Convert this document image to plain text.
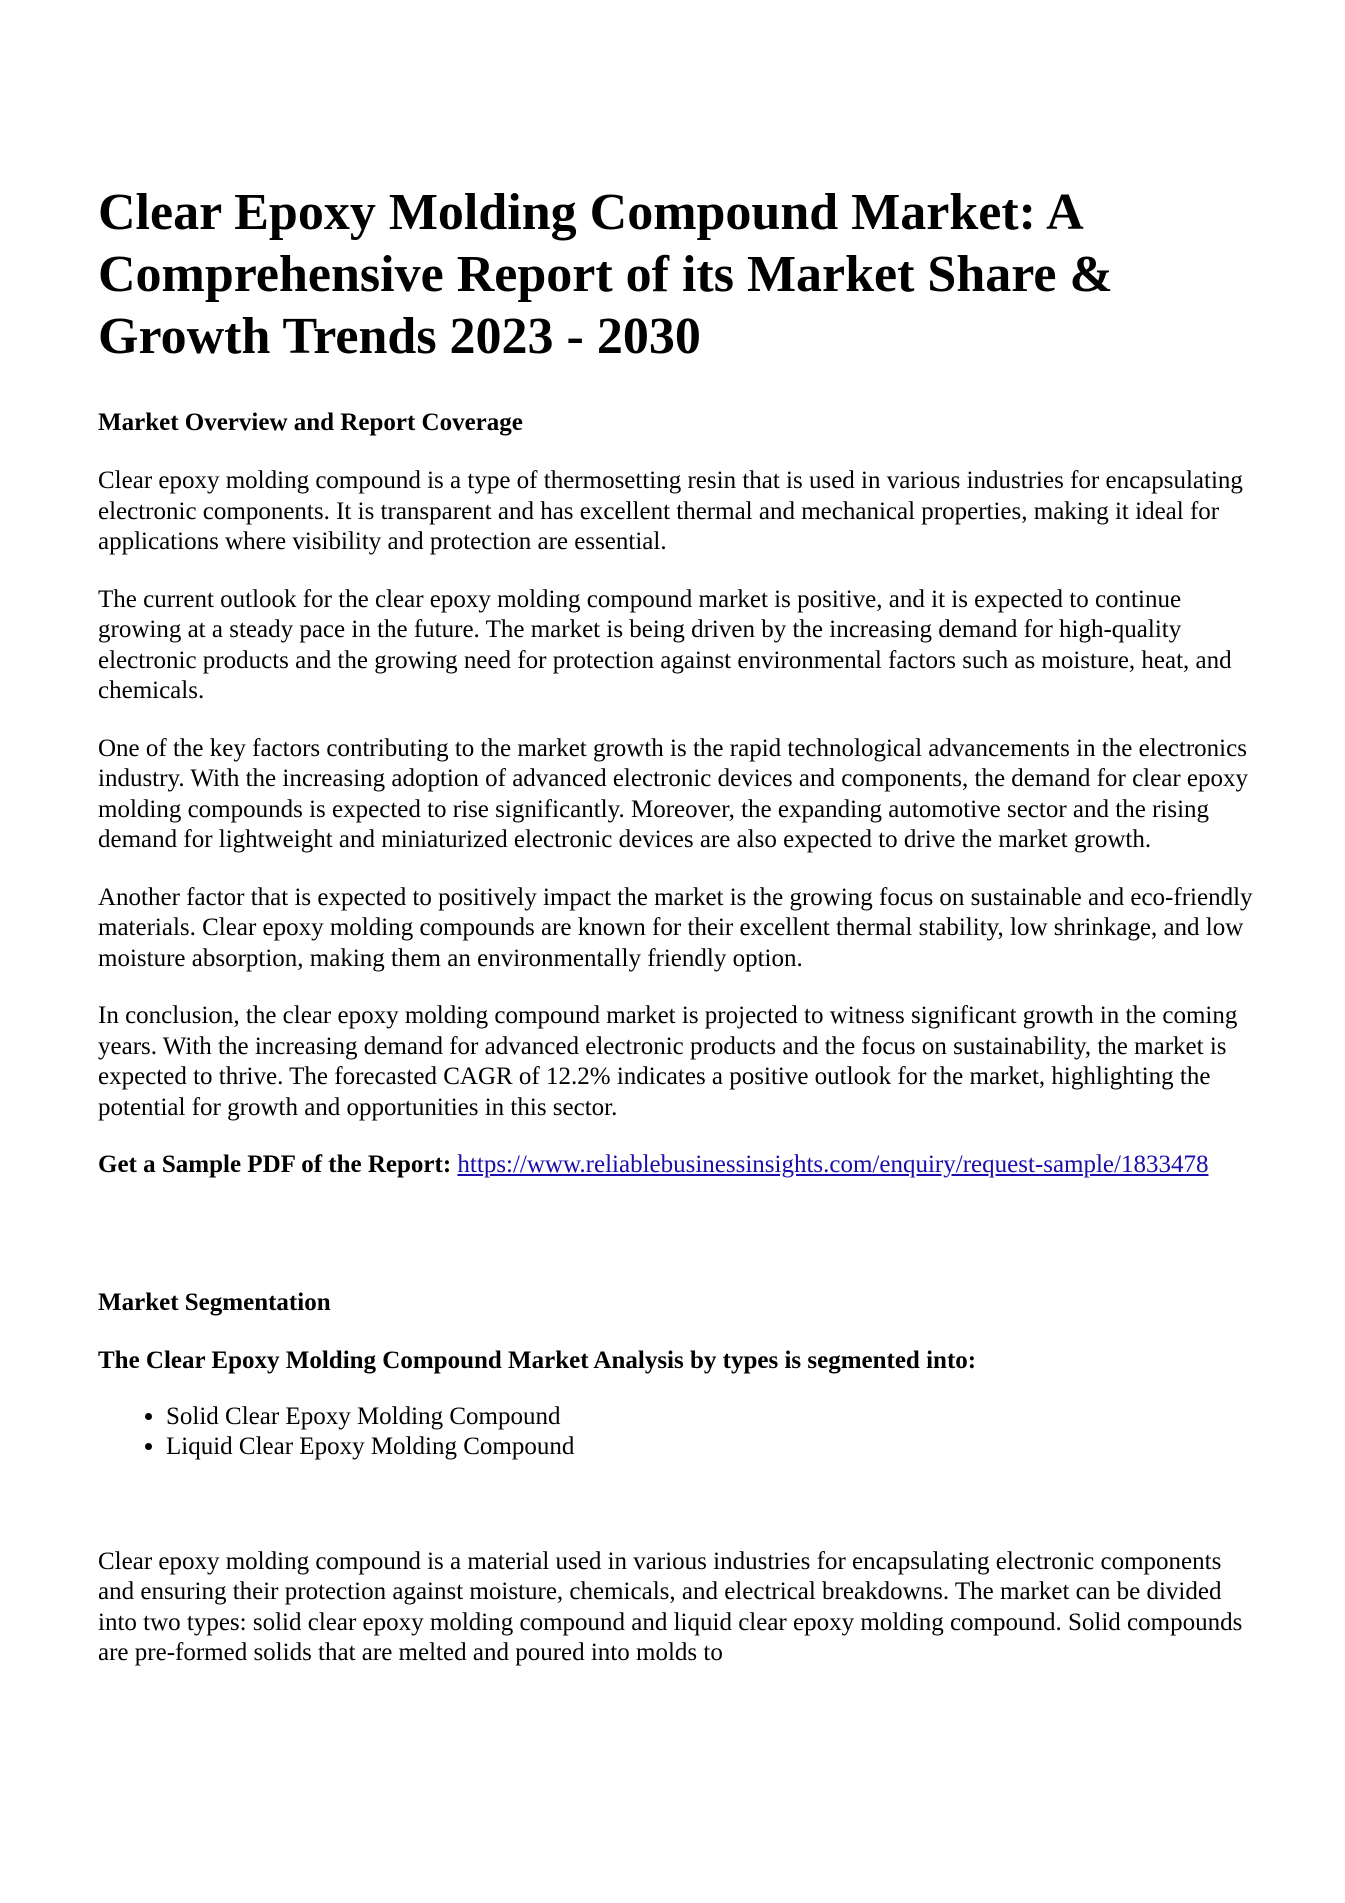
Clear Epoxy Molding Compound Market: A Comprehensive Report of its Market Share & Growth Trends 2023 - 2030
Market Overview and Report Coverage

Clear epoxy molding compound is a type of thermosetting resin that is used in various industries for encapsulating electronic components. It is transparent and has excellent thermal and mechanical properties, making it ideal for applications where visibility and protection are essential.

The current outlook for the clear epoxy molding compound market is positive, and it is expected to continue growing at a steady pace in the future. The market is being driven by the increasing demand for high-quality electronic products and the growing need for protection against environmental factors such as moisture, heat, and chemicals.

One of the key factors contributing to the market growth is the rapid technological advancements in the electronics industry. With the increasing adoption of advanced electronic devices and components, the demand for clear epoxy molding compounds is expected to rise significantly. Moreover, the expanding automotive sector and the rising demand for lightweight and miniaturized electronic devices are also expected to drive the market growth.

Another factor that is expected to positively impact the market is the growing focus on sustainable and eco-friendly materials. Clear epoxy molding compounds are known for their excellent thermal stability, low shrinkage, and low moisture absorption, making them an environmentally friendly option.

In conclusion, the clear epoxy molding compound market is projected to witness significant growth in the coming years. With the increasing demand for advanced electronic products and the focus on sustainability, the market is expected to thrive. The forecasted CAGR of 12.2% indicates a positive outlook for the market, highlighting the potential for growth and opportunities in this sector.

Get a Sample PDF of the Report: https://www.reliablebusinessinsights.com/enquiry/request-sample/1833478

Market Segmentation
The Clear Epoxy Molding Compound Market Analysis by types is segmented into:
• Solid Clear Epoxy Molding Compound
• Liquid Clear Epoxy Molding Compound

Clear epoxy molding compound is a material used in various industries for encapsulating electronic components and ensuring their protection against moisture, chemicals, and electrical breakdowns. The market can be divided into two types: solid clear epoxy molding compound and liquid clear epoxy molding compound. Solid compounds are pre-formed solids that are melted and poured into molds to
